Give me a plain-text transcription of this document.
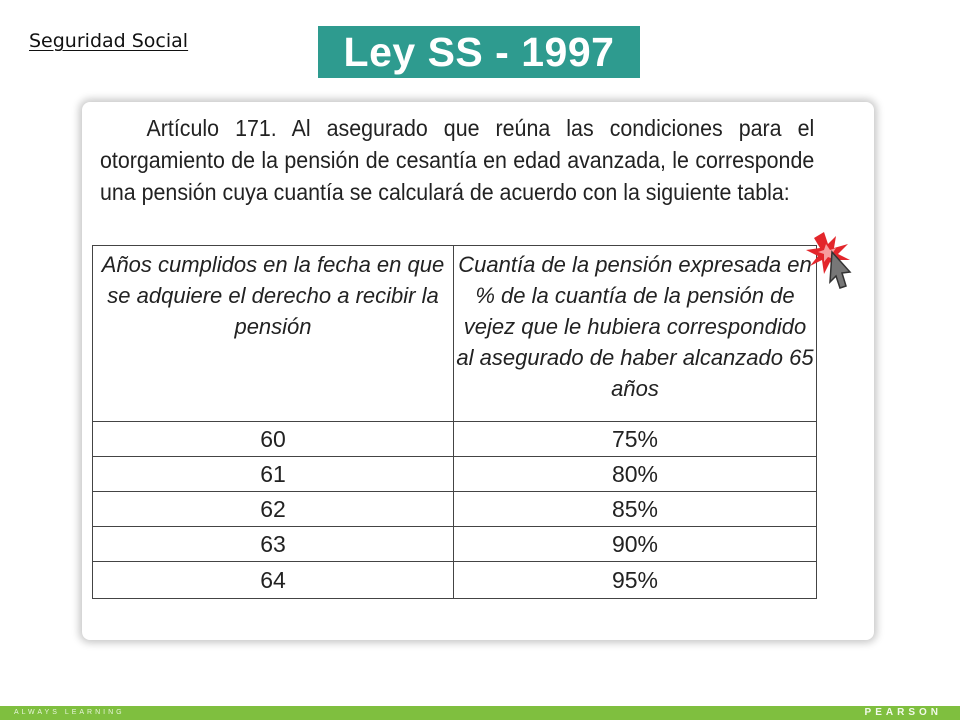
Seguridad Social	Ley SS - 1997

Artículo 171. Al asegurado que reúna las condiciones para el otorgamiento de la pensión de cesantía en edad avanzada, le corresponde una pensión cuya cuantía se calculará de acuerdo con la siguiente tabla:

Años cumplidos en la fecha en que se adquiere el derecho a recibir la pensión	Cuantía de la pensión expresada en % de la cuantía de la pensión de vejez que le hubiera correspondido al asegurado de haber alcanzado 65 años
60	75%
61	80%
62	85%
63	90%
64	95%
ALWAYS LEARNING	PEARSON
